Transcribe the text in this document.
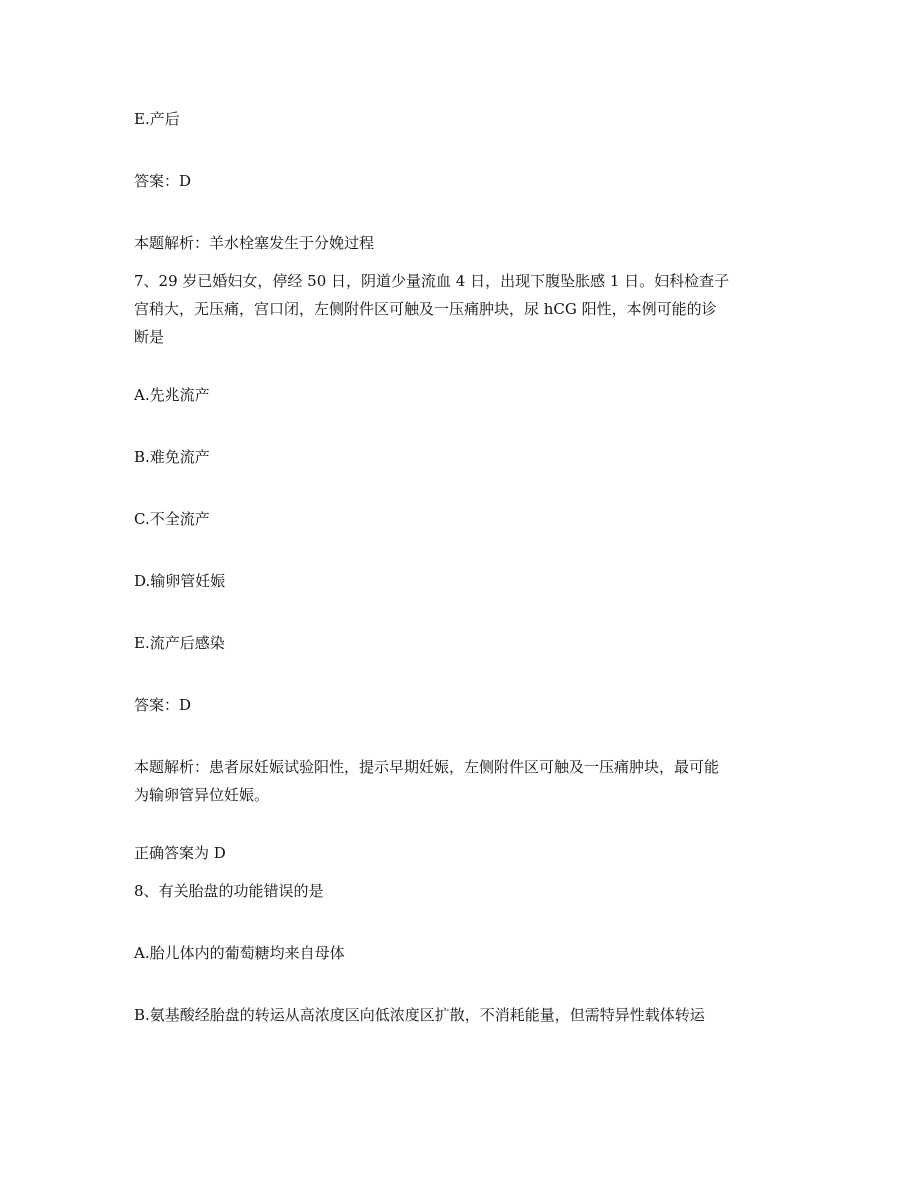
E.产后

答案：D

本题解析：羊水栓塞发生于分娩过程

7、29 岁已婚妇女，停经 50 日，阴道少量流血 4 日，出现下腹坠胀感 1 日。妇科检查子

宫稍大，无压痛，宫口闭，左侧附件区可触及一压痛肿块，尿 hCG 阳性，本例可能的诊

断是

A.先兆流产

B.难免流产

C.不全流产

D.输卵管妊娠

E.流产后感染

答案：D

本题解析：患者尿妊娠试验阳性，提示早期妊娠，左侧附件区可触及一压痛肿块，最可能

为输卵管异位妊娠。

正确答案为 D

8、有关胎盘的功能错误的是

A.胎儿体内的葡萄糖均来自母体

B.氨基酸经胎盘的转运从高浓度区向低浓度区扩散，不消耗能量，但需特异性载体转运
